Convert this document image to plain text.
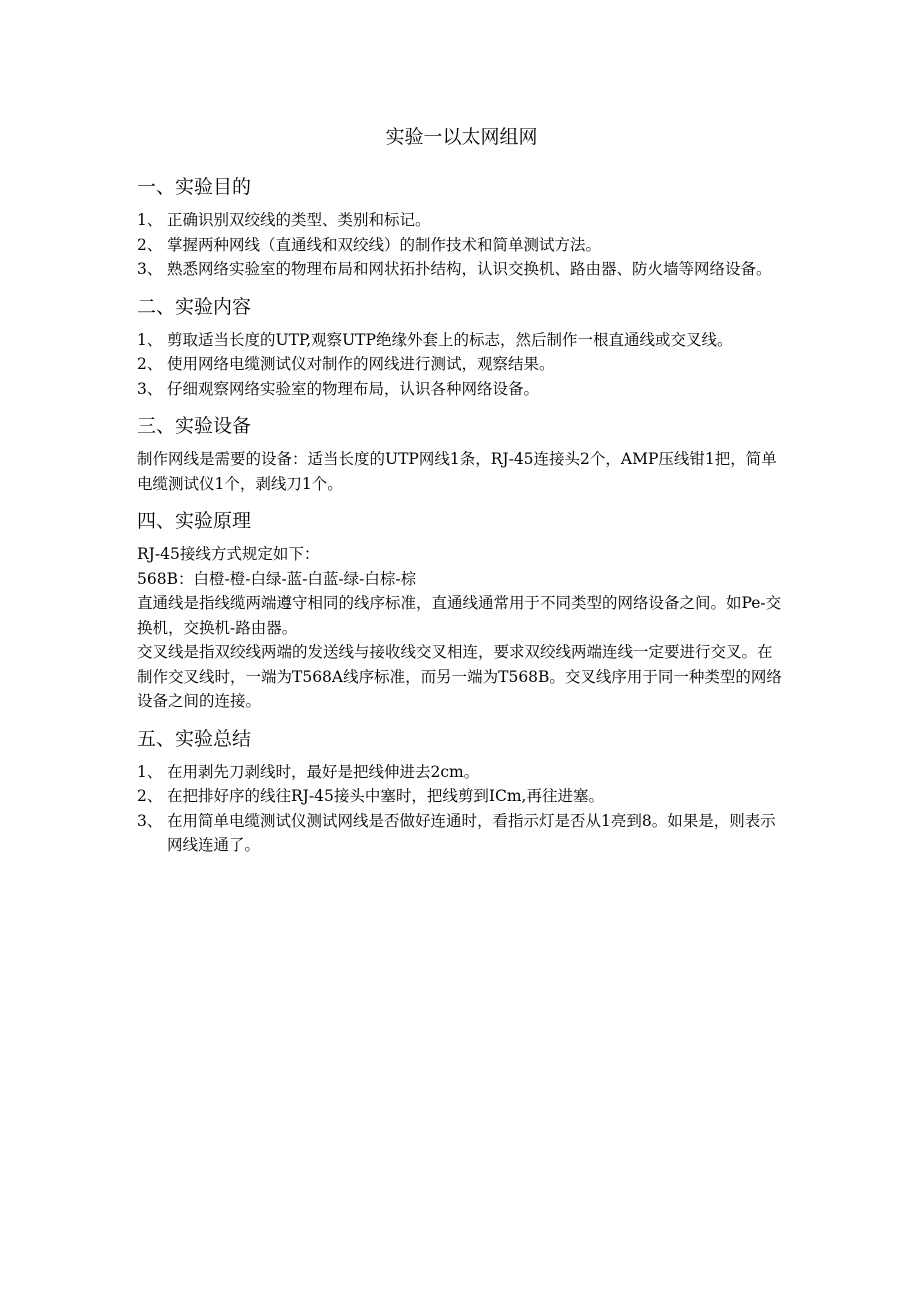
实验一以太网组网
一、实验目的
1、 正确识别双绞线的类型、类别和标记。
2、 掌握两种网线（直通线和双绞线）的制作技术和简单测试方法。
3、 熟悉网络实验室的物理布局和网状拓扑结构，认识交换机、路由器、防火墙等网络设备。
二、实验内容
1、 剪取适当长度的UTP,观察UTP绝缘外套上的标志，然后制作一根直通线或交叉线。
2、 使用网络电缆测试仪对制作的网线进行测试，观察结果。
3、 仔细观察网络实验室的物理布局，认识各种网络设备。
三、实验设备

制作网线是需要的设备：适当长度的UTP网线1条，RJ-45连接头2个，AMP压线钳1把，简单电缆测试仪1个，剥线刀1个。

四、实验原理

RJ-45接线方式规定如下：

568B：白橙-橙-白绿-蓝-白蓝-绿-白棕-棕

直通线是指线缆两端遵守相同的线序标准，直通线通常用于不同类型的网络设备之间。如Pe-交换机，交换机-路由器。

交叉线是指双绞线两端的发送线与接收线交叉相连，要求双绞线两端连线一定要进行交叉。在制作交叉线时，一端为T568A线序标准，而另一端为T568B。交叉线序用于同一种类型的网络设备之间的连接。

五、实验总结
1、 在用剥先刀剥线时，最好是把线伸进去2cm。
2、 在把排好序的线往RJ-45接头中塞时，把线剪到ICm,再往进塞。
3、 在用简单电缆测试仪测试网线是否做好连通时，看指示灯是否从1亮到8。如果是，则表示网线连通了。
